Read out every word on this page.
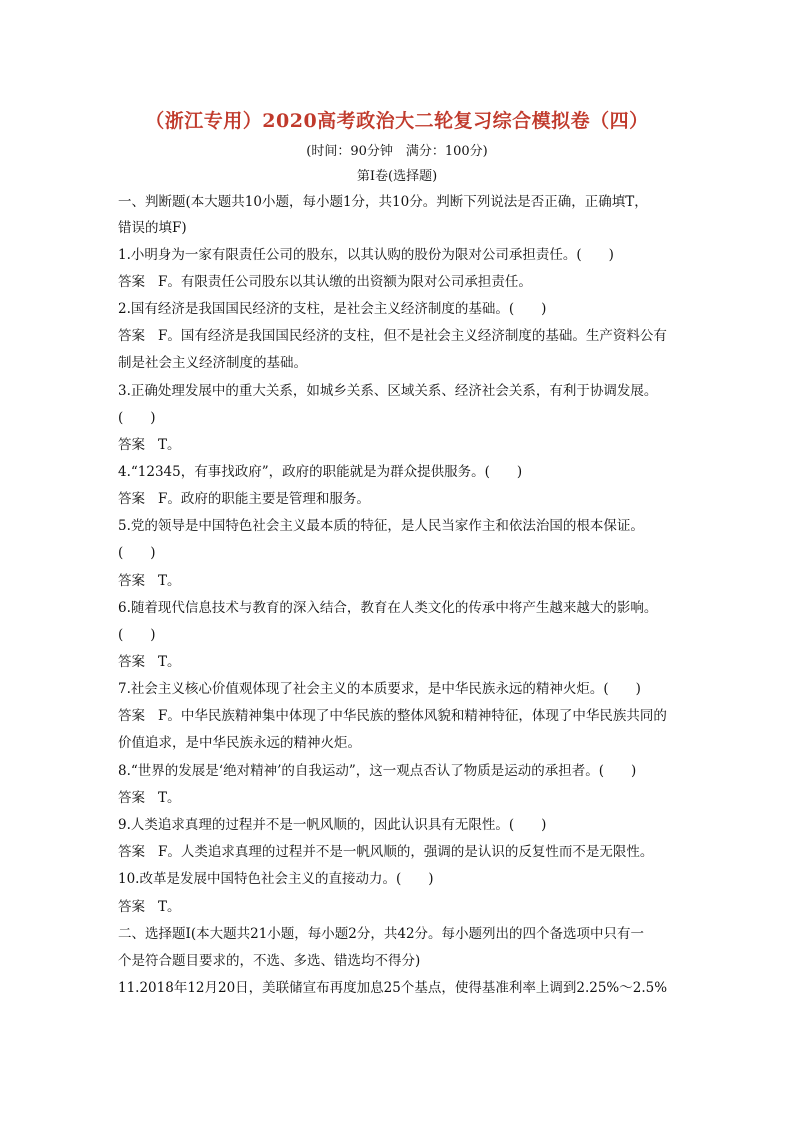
（浙江专用）2020高考政治大二轮复习综合模拟卷（四）
(时间：90分钟　满分：100分)
第Ⅰ卷(选择题)
一、判断题(本大题共10小题，每小题1分，共10分。判断下列说法是否正确，正确填T，
错误的填F)
1.小明身为一家有限责任公司的股东，以其认购的股份为限对公司承担责任。(　　)
答案 F。有限责任公司股东以其认缴的出资额为限对公司承担责任。
2.国有经济是我国国民经济的支柱，是社会主义经济制度的基础。(　　)
答案 F。国有经济是我国国民经济的支柱，但不是社会主义经济制度的基础。生产资料公有
制是社会主义经济制度的基础。
3.正确处理发展中的重大关系，如城乡关系、区域关系、经济社会关系，有利于协调发展。
(　　)
答案 T。
4.“12345，有事找政府”，政府的职能就是为群众提供服务。(　　)
答案 F。政府的职能主要是管理和服务。
5.党的领导是中国特色社会主义最本质的特征，是人民当家作主和依法治国的根本保证。
(　　)
答案 T。
6.随着现代信息技术与教育的深入结合，教育在人类文化的传承中将产生越来越大的影响。
(　　)
答案 T。
7.社会主义核心价值观体现了社会主义的本质要求，是中华民族永远的精神火炬。(　　)
答案 F。中华民族精神集中体现了中华民族的整体风貌和精神特征，体现了中华民族共同的
价值追求，是中华民族永远的精神火炬。
8.“世界的发展是‘绝对精神’的自我运动”，这一观点否认了物质是运动的承担者。(　　)
答案 T。
9.人类追求真理的过程并不是一帆风顺的，因此认识具有无限性。(　　)
答案 F。人类追求真理的过程并不是一帆风顺的，强调的是认识的反复性而不是无限性。
10.改革是发展中国特色社会主义的直接动力。(　　)
答案 T。
二、选择题Ⅰ(本大题共21小题，每小题2分，共42分。每小题列出的四个备选项中只有一
个是符合题目要求的，不选、多选、错选均不得分)
11.2018年12月20日，美联储宣布再度加息25个基点，使得基准利率上调到2.25%～2.5%
